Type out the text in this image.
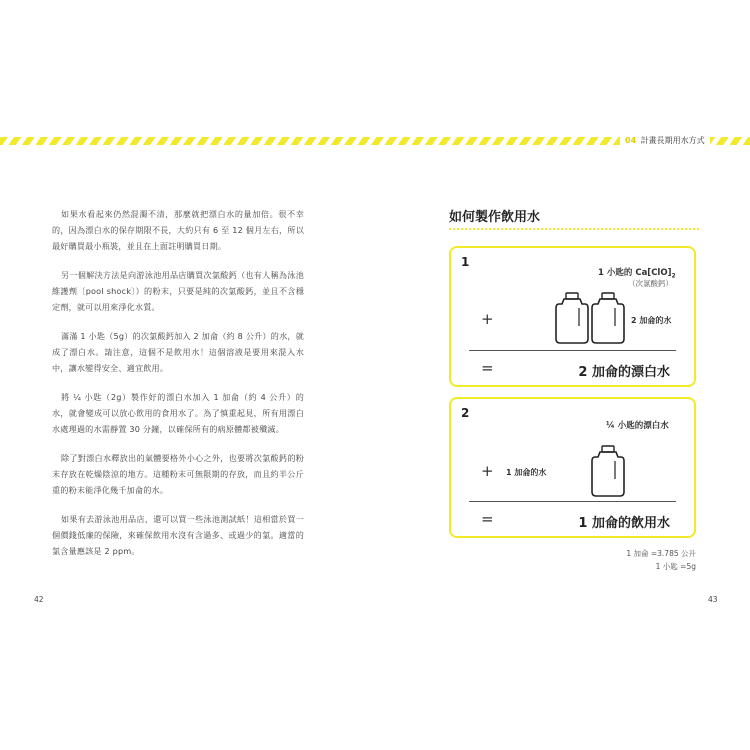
04 計畫長期用水方式

如果水看起來仍然混濁不清，那麼就把漂白水的量加倍。很不幸的，因為漂白水的保存期限不長，大約只有 6 至 12 個月左右，所以最好購買最小瓶裝，並且在上面註明購買日期。

另一個解決方法是向游泳池用品店購買次氯酸鈣（也有人稱為泳池維護劑〔pool shock〕）的粉末，只要是純的次氯酸鈣，並且不含穩定劑，就可以用來淨化水質。

滿滿 1 小匙（5g）的次氯酸鈣加入 2 加侖（約 8 公升）的水，就成了漂白水。請注意，這個不是飲用水！這個溶液是要用來混入水中，讓水變得安全、適宜飲用。

將 ¼ 小匙（2g）製作好的漂白水加入 1 加侖（約 4 公升）的水，就會變成可以放心飲用的食用水了。為了慎重起見，所有用漂白水處理過的水需靜置 30 分鐘，以確保所有的病原體都被殲滅。

除了對漂白水釋放出的氣體要格外小心之外，也要將次氯酸鈣的粉末存放在乾燥陰涼的地方。這種粉末可無限期的存放，而且約半公斤重的粉末能淨化幾千加侖的水。

如果有去游泳池用品店，還可以買一些泳池測試紙！這相當於買一個價錢低廉的保險，來確保飲用水沒有含過多、或過少的氯。適當的氯含量應該是 2 ppm。

如何製作飲用水
1
1 小匙的 $Ca[ClO]_2$
（次氯酸鈣）
+	2 加侖的水
=	2 加侖的漂白水
2
¼ 小匙的漂白水
+ 1 加侖的水
=	1 加侖的飲用水
1 加侖 =3.785 公升
1 小匙 =5g
42	43
